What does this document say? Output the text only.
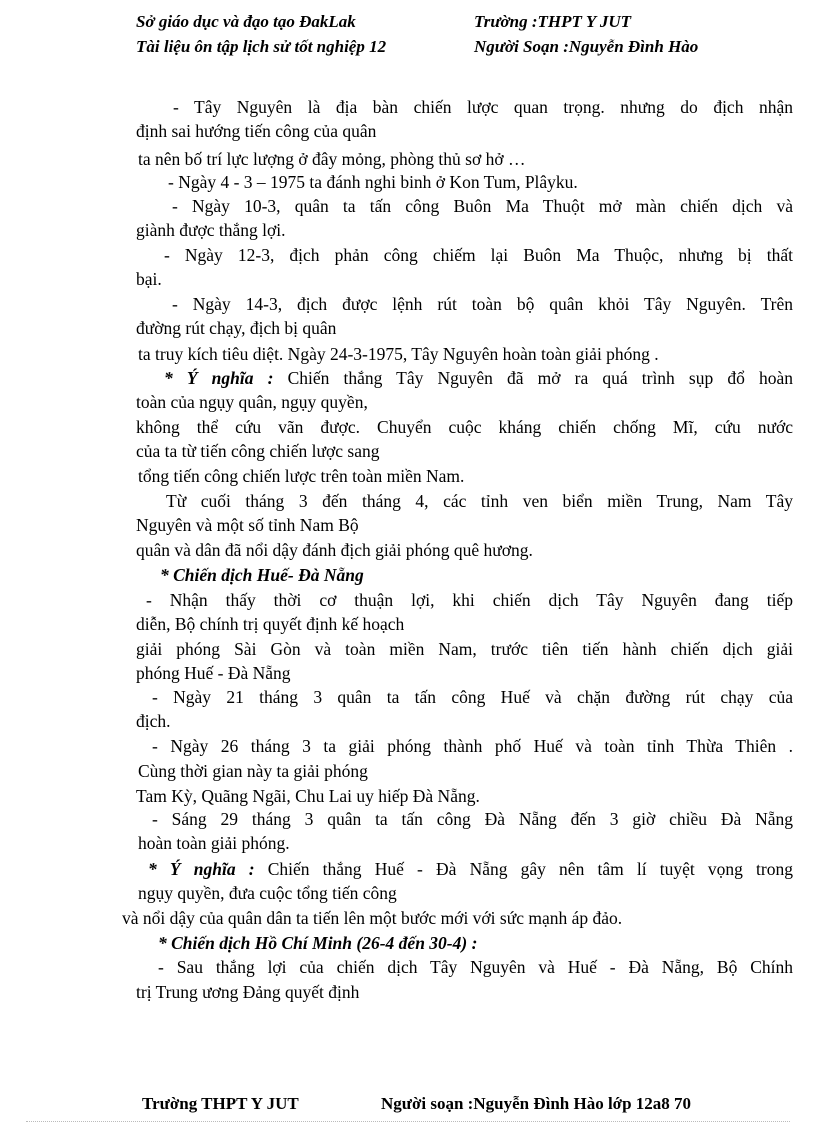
Sở giáo dục và đạo tạo ĐakLak	Trường :THPT Y JUT
Tài liệu ôn tập lịch sử tốt nghiệp 12	Người Soạn :Nguyễn Đình Hào
- Tây Nguyên là địa bàn chiến lược quan trọng. nhưng do địch nhận
định sai hướng tiến công của quân
ta nên bố trí lực lượng ở đây mỏng, phòng thủ sơ hở …
- Ngày 4 - 3 – 1975 ta đánh nghi binh ở Kon Tum, Plâyku.
- Ngày 10-3, quân ta tấn công Buôn Ma Thuột mở màn chiến dịch và
giành được thắng lợi.
- Ngày 12-3, địch phản công chiếm lại Buôn Ma Thuộc, nhưng bị thất
bại.
- Ngày 14-3, địch được lệnh rút toàn bộ quân khỏi Tây Nguyên. Trên
đường rút chạy, địch bị quân
ta truy kích tiêu diệt. Ngày 24-3-1975, Tây Nguyên hoàn toàn giải phóng .
* Ý nghĩa : Chiến thắng Tây Nguyên đã mở ra quá trình sụp đổ hoàn
toàn của ngụy quân, ngụy quyền,
không thể cứu vãn được. Chuyển cuộc kháng chiến chống Mĩ, cứu nước
của ta từ tiến công chiến lược sang
tổng tiến công chiến lược trên toàn miền Nam.
Từ cuối tháng 3 đến tháng 4, các tỉnh ven biển miền Trung, Nam Tây
Nguyên và một số tỉnh Nam Bộ
quân và dân đã nổi dậy đánh địch giải phóng quê hương.
* Chiến dịch Huế- Đà Nẵng
- Nhận thấy thời cơ thuận lợi, khi chiến dịch Tây Nguyên đang tiếp
diễn, Bộ chính trị quyết định kế hoạch
giải phóng Sài Gòn và toàn miền Nam, trước tiên tiến hành chiến dịch giải
phóng Huế - Đà Nẵng
- Ngày 21 tháng 3 quân ta tấn công Huế và chặn đường rút chạy của
địch.
- Ngày 26 tháng 3 ta giải phóng thành phố Huế và toàn tỉnh Thừa Thiên .
Cùng thời gian này ta giải phóng
Tam Kỳ, Quãng Ngãi, Chu Lai uy hiếp Đà Nẵng.
- Sáng 29 tháng 3 quân ta tấn công Đà Nẵng đến 3 giờ chiều Đà Nẵng
hoàn toàn giải phóng.
* Ý nghĩa : Chiến thắng Huế - Đà Nẵng gây nên tâm lí tuyệt vọng trong
ngụy quyền, đưa cuộc tổng tiến công
và nổi dậy của quân dân ta tiến lên một bước mới với sức mạnh áp đảo.
* Chiến dịch Hồ Chí Minh (26-4 đến 30-4) :
- Sau thắng lợi của chiến dịch Tây Nguyên và Huế - Đà Nẵng, Bộ Chính
trị Trung ương Đảng quyết định
Trường THPT Y JUT	Người soạn :Nguyễn Đình Hào lớp 12a8 70
